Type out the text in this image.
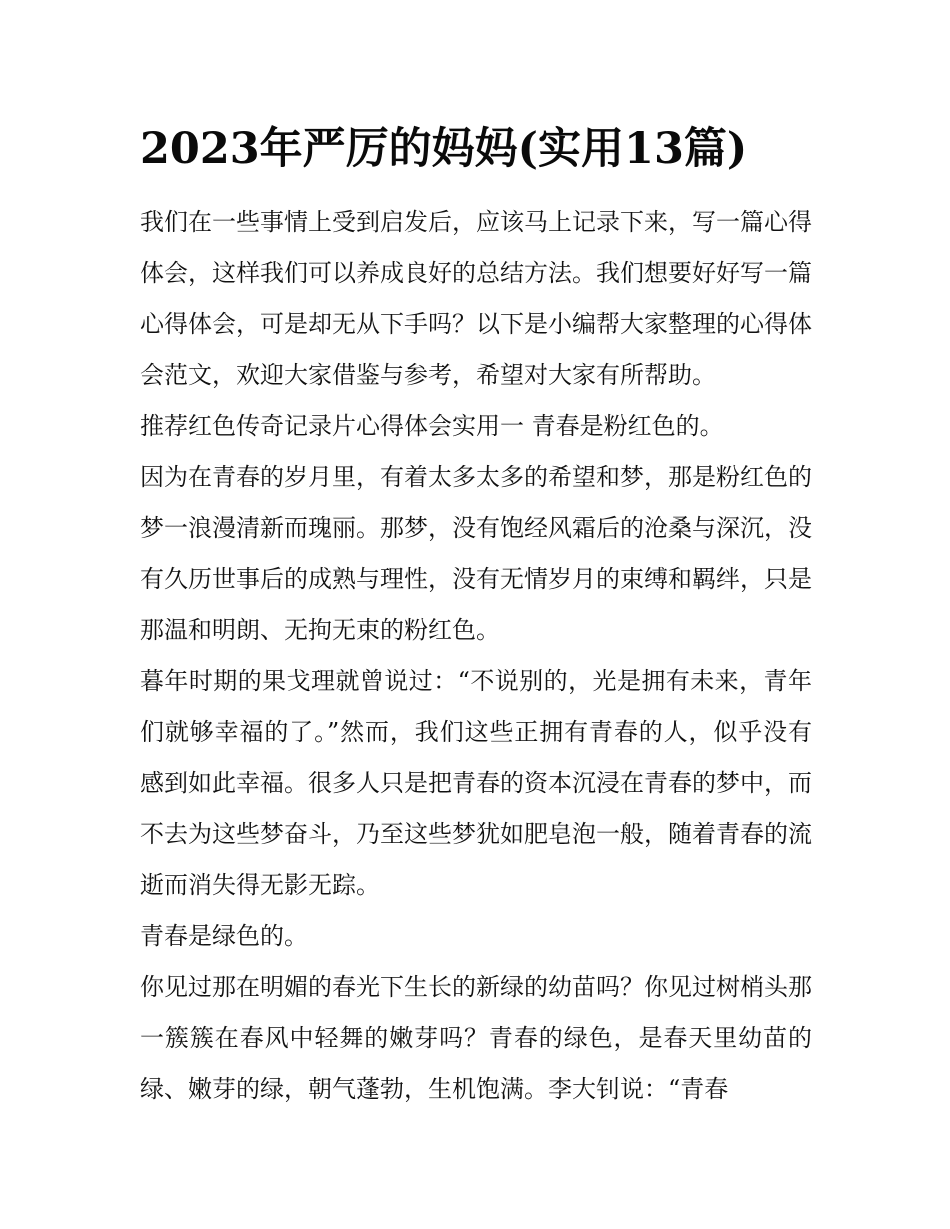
2023年严厉的妈妈(实用13篇)

我们在一些事情上受到启发后，应该马上记录下来，写一篇心得体会，这样我们可以养成良好的总结方法。我们想要好好写一篇心得体会，可是却无从下手吗？以下是小编帮大家整理的心得体会范文，欢迎大家借鉴与参考，希望对大家有所帮助。

推荐红色传奇记录片心得体会实用一 青春是粉红色的。

因为在青春的岁月里，有着太多太多的希望和梦，那是粉红色的梦一浪漫清新而瑰丽。那梦，没有饱经风霜后的沧桑与深沉，没有久历世事后的成熟与理性，没有无情岁月的束缚和羁绊，只是那温和明朗、无拘无束的粉红色。

暮年时期的果戈理就曾说过：“不说别的，光是拥有未来，青年们就够幸福的了。”然而，我们这些正拥有青春的人，似乎没有感到如此幸福。很多人只是把青春的资本沉浸在青春的梦中，而不去为这些梦奋斗，乃至这些梦犹如肥皂泡一般，随着青春的流逝而消失得无影无踪。

青春是绿色的。

你见过那在明媚的春光下生长的新绿的幼苗吗？你见过树梢头那一簇簇在春风中轻舞的嫩芽吗？青春的绿色，是春天里幼苗的绿、嫩芽的绿，朝气蓬勃，生机饱满。李大钊说：“青春
